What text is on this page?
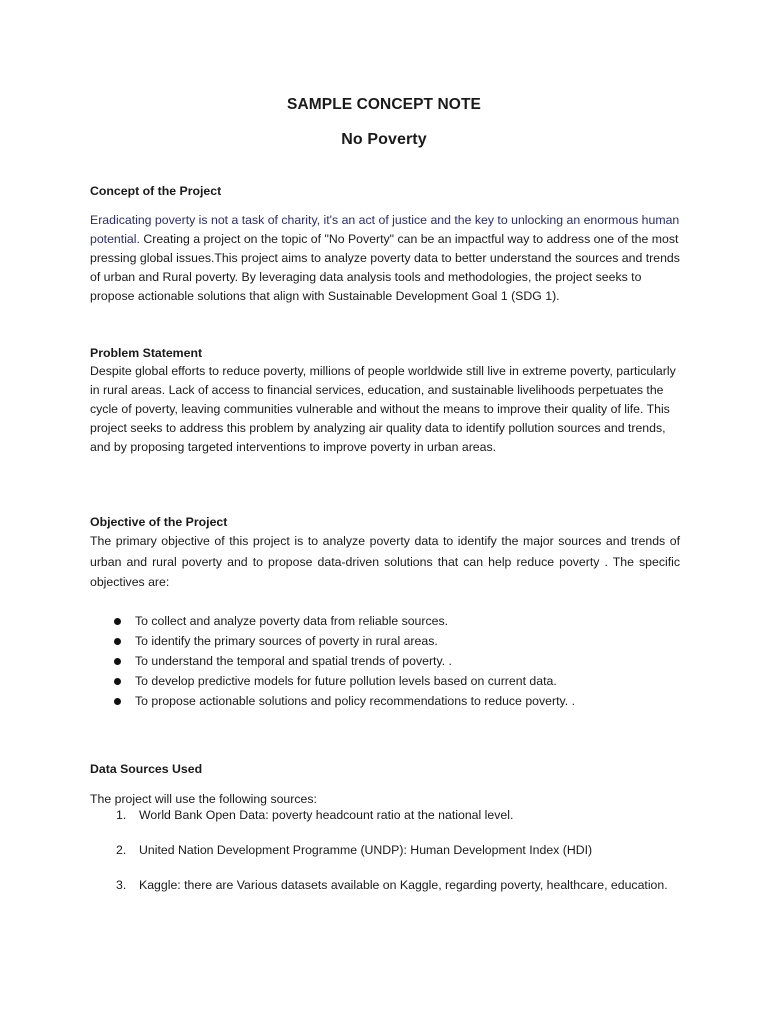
SAMPLE CONCEPT NOTE
No Poverty
Concept of the Project
Eradicating poverty is not a task of charity, it's an act of justice and the key to unlocking an enormous human potential. Creating a project on the topic of "No Poverty" can be an impactful way to address one of the most pressing global issues.This project aims to analyze poverty data to better understand the sources and trends of urban and Rural poverty. By leveraging data analysis tools and methodologies, the project seeks to propose actionable solutions that align with Sustainable Development Goal 1 (SDG 1).
Problem Statement
Despite global efforts to reduce poverty, millions of people worldwide still live in extreme poverty, particularly in rural areas. Lack of access to financial services, education, and sustainable livelihoods perpetuates the cycle of poverty, leaving communities vulnerable and without the means to improve their quality of life. This project seeks to address this problem by analyzing air quality data to identify pollution sources and trends, and by proposing targeted interventions to improve poverty in urban areas.
Objective of the Project
The primary objective of this project is to analyze poverty data to identify the major sources and trends of urban and rural poverty and to propose data-driven solutions that can help reduce poverty . The specific objectives are:
To collect and analyze poverty data from reliable sources.
To identify the primary sources of poverty in rural areas.
To understand the temporal and spatial trends of poverty. .
To develop predictive models for future pollution levels based on current data.
To propose actionable solutions and policy recommendations to reduce poverty. .
Data Sources Used
The project will use the following sources:
1. World Bank Open Data: poverty headcount ratio at the national level.
2. United Nation Development Programme (UNDP): Human Development Index (HDI)
3. Kaggle: there are Various datasets available on Kaggle, regarding poverty, healthcare, education.
